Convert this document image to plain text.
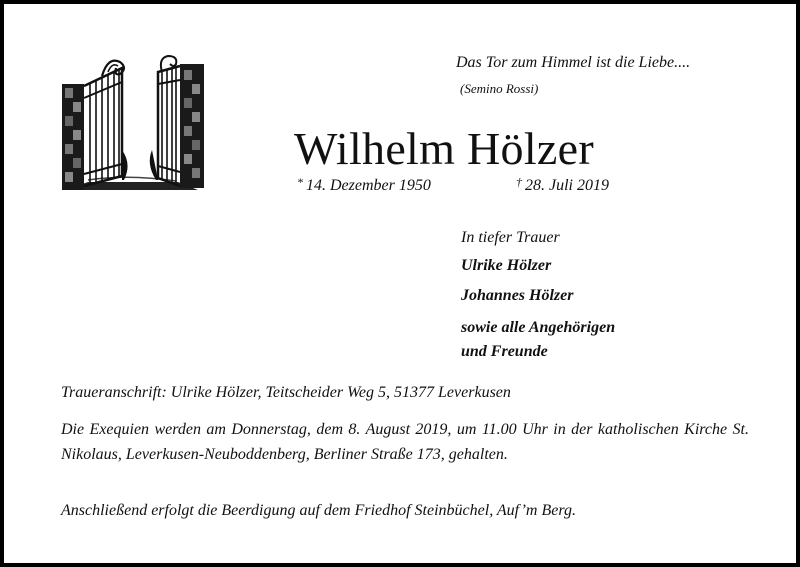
Das Tor zum Himmel ist die Liebe....
(Semino Rossi)
Wilhelm Hölzer
* 14. Dezember 1950	† 28. Juli 2019
In tiefer Trauer
Ulrike Hölzer
Johannes Hölzer
sowie alle Angehörigen
und Freunde
Traueranschrift: Ulrike Hölzer, Teitscheider Weg 5, 51377 Leverkusen
Die Exequien werden am Donnerstag, dem 8. August 2019, um 11.00 Uhr in der katholischen Kirche St. Nikolaus, Leverkusen-Neuboddenberg, Berliner Straße 173, gehalten.
Anschließend erfolgt die Beerdigung auf dem Friedhof Steinbüchel, Auf’m Berg.
